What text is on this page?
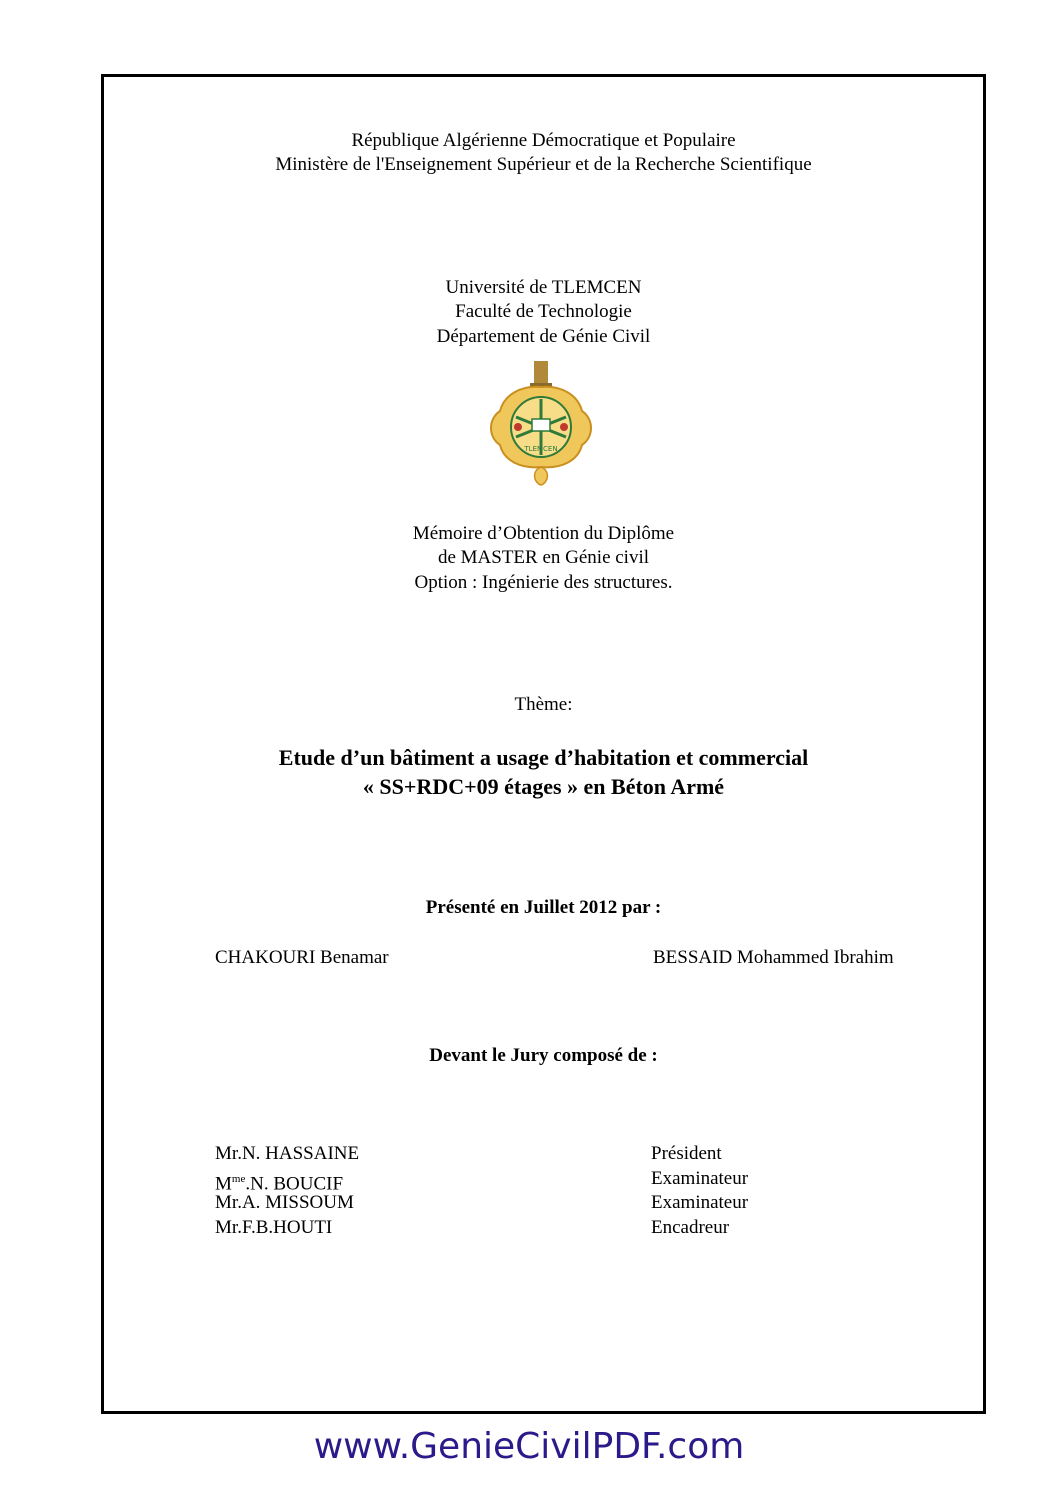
République Algérienne Démocratique et Populaire
Ministère de l'Enseignement Supérieur et de la Recherche Scientifique
Université de TLEMCEN
Faculté de Technologie
Département de Génie Civil
TLEMCEN
Mémoire d’Obtention du Diplôme
de MASTER en Génie civil
Option : Ingénierie des structures.
Thème:
Etude d’un bâtiment a usage d’habitation et commercial
« SS+RDC+09 étages » en Béton Armé
Présenté en Juillet 2012 par :
CHAKOURI Benamar	BESSAID Mohammed Ibrahim
Devant le Jury composé de :
Mr.N. HASSAINE
$M^{me}.N$. BOUCIF
Mr.A. MISSOUM
Mr.F.B.HOUTI
Président
Examinateur
Examinateur
Encadreur
www.GenieCivilPDF.com
